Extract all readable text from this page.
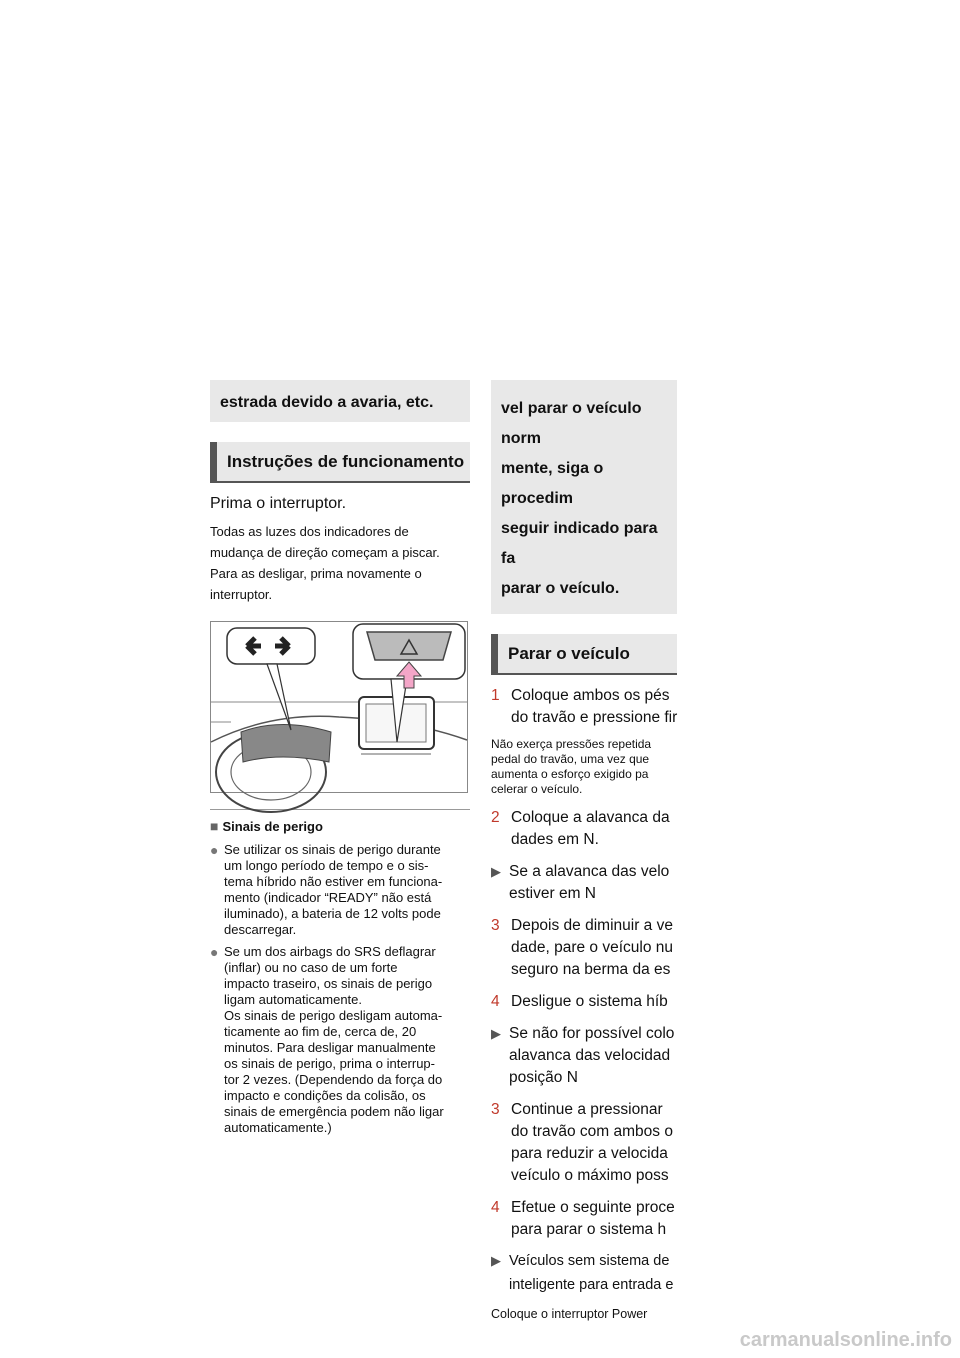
estrada devido a avaria, etc.
Instruções de funcionamento

Prima o interruptor.

Todas as luzes dos indicadores de
mudança de direção começam a piscar.
Para as desligar, prima novamente o
interruptor.

■ Sinais de perigo
● Se utilizar os sinais de perigo durante
um longo período de tempo e o sis-
tema híbrido não estiver em funciona-
mento (indicador “READY” não está
iluminado), a bateria de 12 volts pode
descarregar.

● Se um dos airbags do SRS deflagrar
(inflar) ou no caso de um forte
impacto traseiro, os sinais de perigo
ligam automaticamente.
Os sinais de perigo desligam automa-
ticamente ao fim de, cerca de, 20
minutos. Para desligar manualmente
os sinais de perigo, prima o interrup-
tor 2 vezes. (Dependendo da força do
impacto e condições da colisão, os
sinais de emergência podem não ligar
automaticamente.)

vel parar o veículo norm
mente, siga o procedim
seguir indicado para fa
parar o veículo.
Parar o veículo
1 Coloque ambos os pés
do travão e pressione fir
Não exerça pressões repetida
pedal do travão, uma vez que
aumenta o esforço exigido pa
celerar o veículo.
2 Coloque a alavanca da
dades em N.
▶ Se a alavanca das velo
estiver em N
3 Depois de diminuir a ve
dade, pare o veículo nu
seguro na berma da es
4 Desligue o sistema híb
▶ Se não for possível colo
alavanca das velocidad
posição N
3 Continue a pressionar
do travão com ambos o
para reduzir a velocida
veículo o máximo poss
4 Efetue o seguinte proce
para parar o sistema h
▶ Veículos sem sistema de
inteligente para entrada e
Coloque o interruptor Power
carmanualsonline.info
